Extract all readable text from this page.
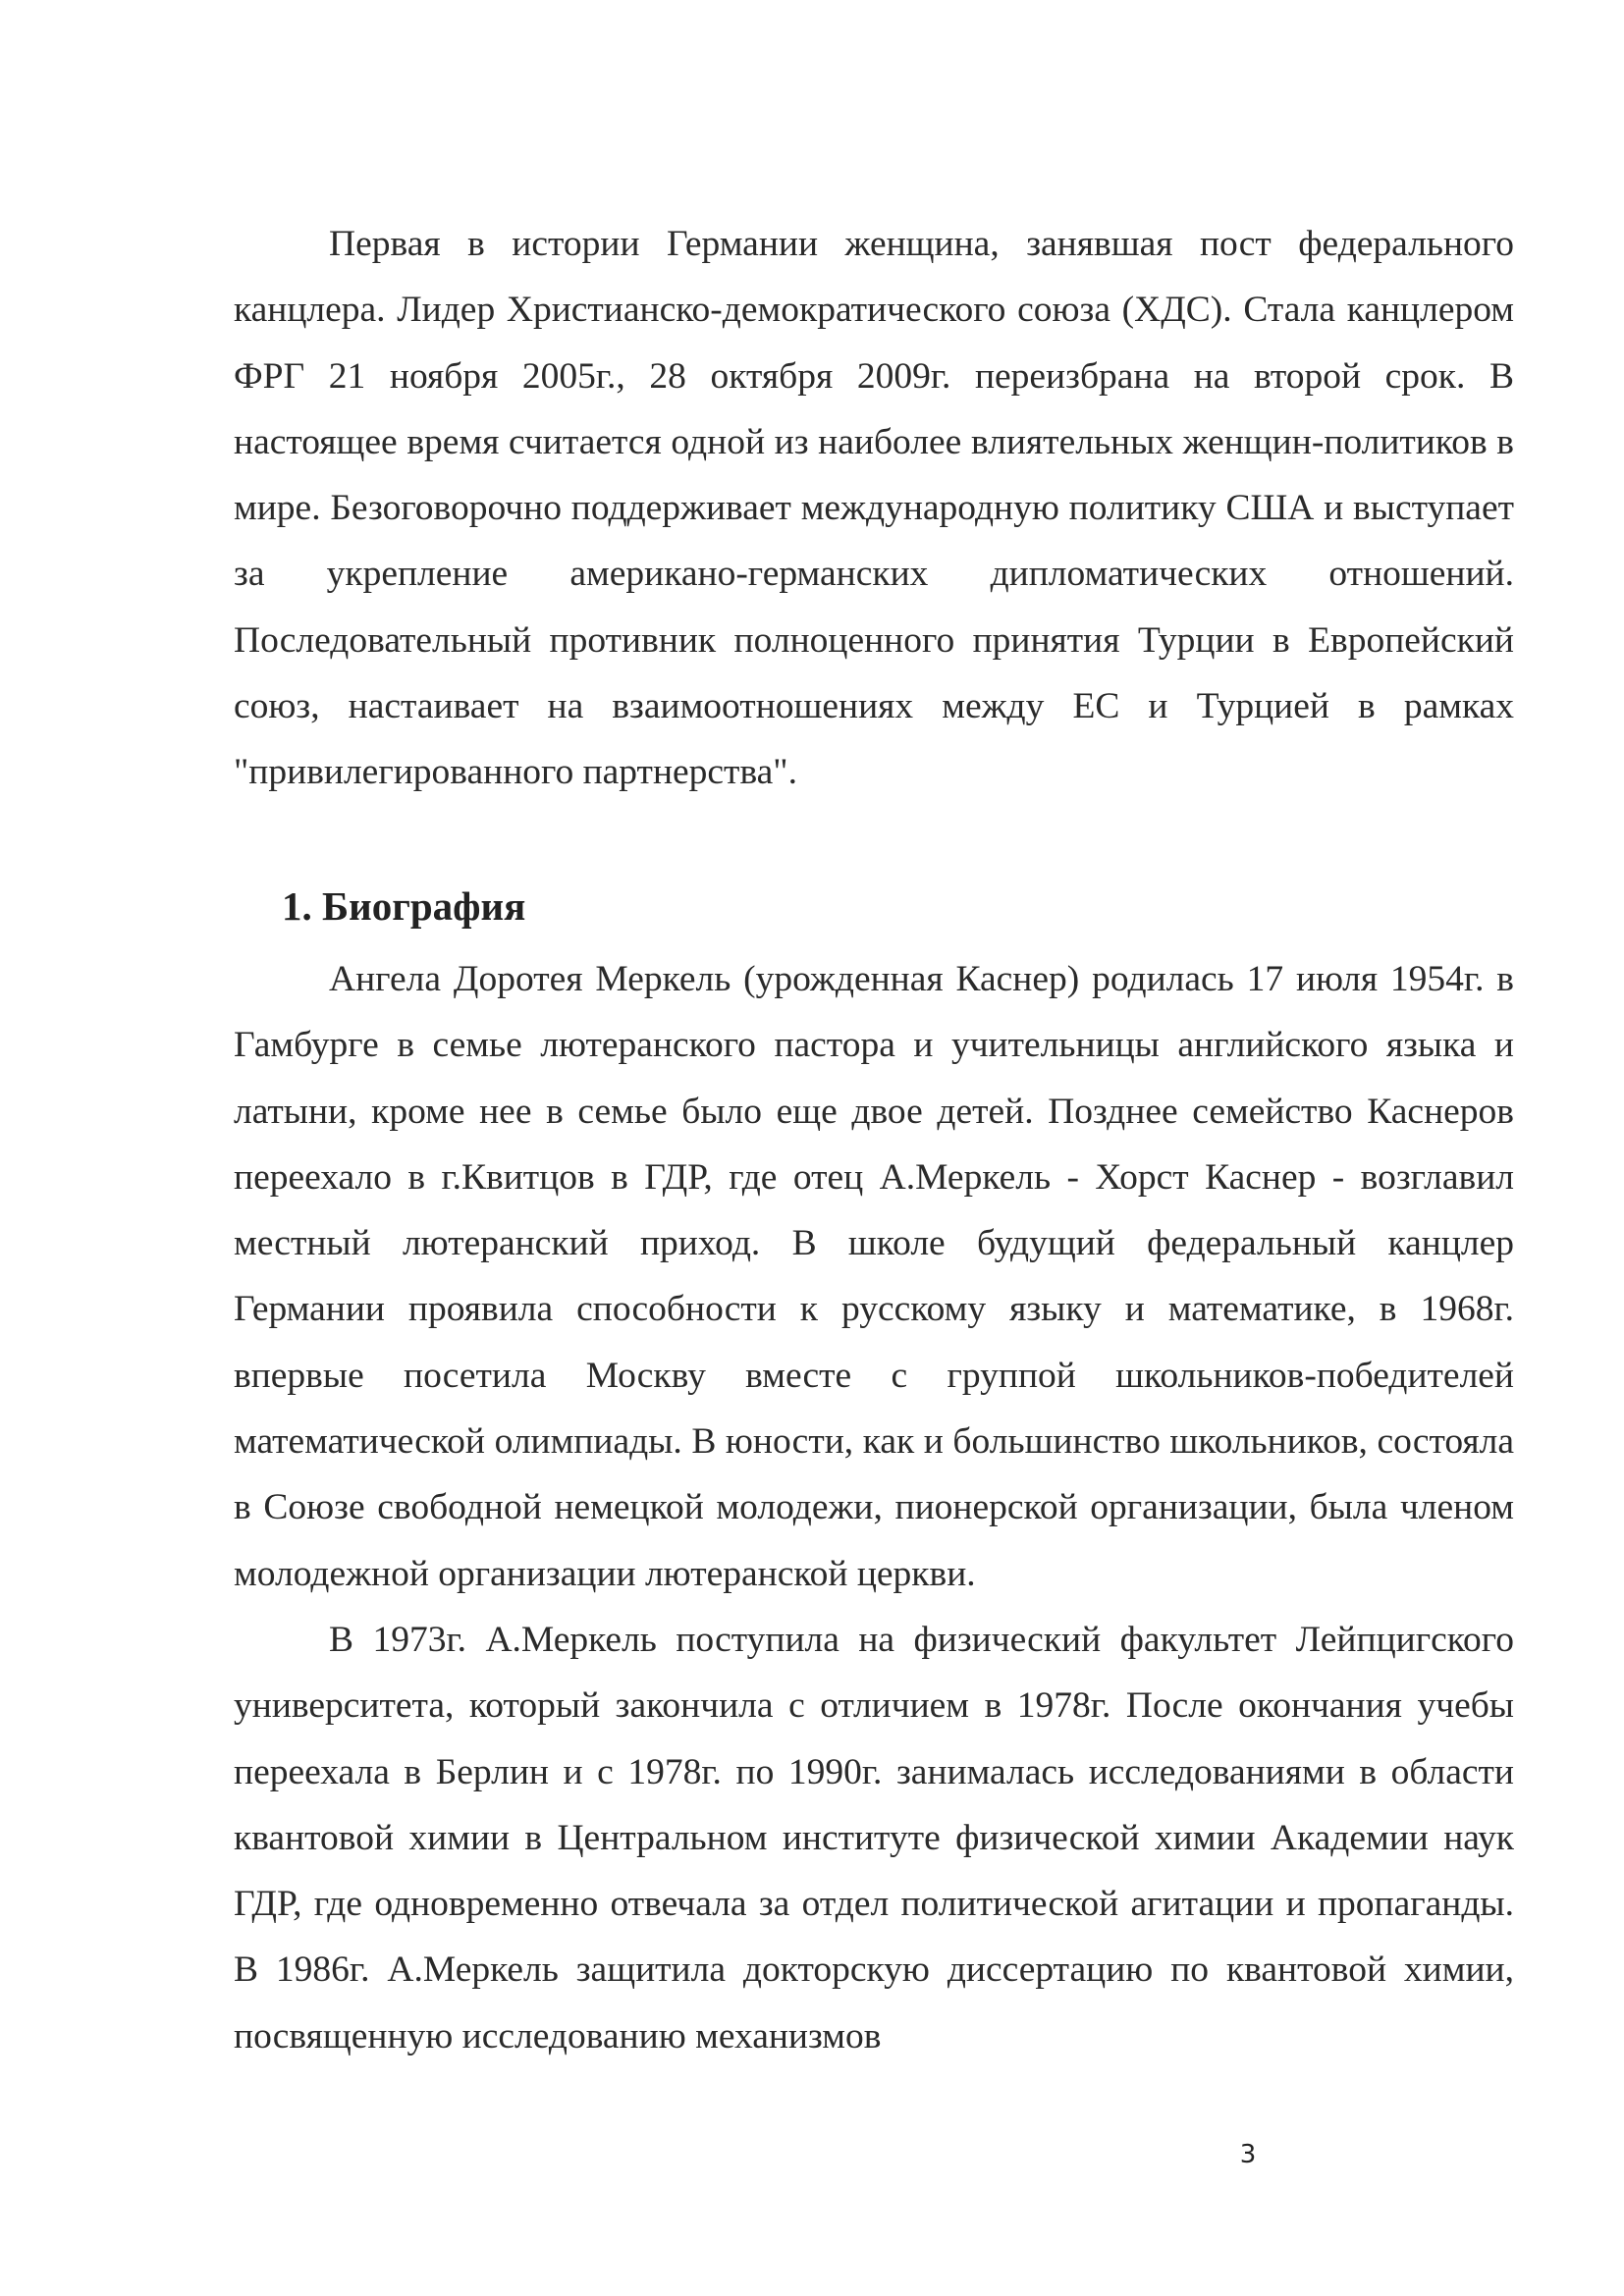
Первая в истории Германии женщина, занявшая пост федерального канцлера. Лидер Христианско-демократического союза (ХДС). Стала канцлером ФРГ 21 ноября 2005г., 28 октября 2009г. переизбрана на второй срок. В настоящее время считается одной из наиболее влиятельных женщин-политиков в мире. Безоговорочно поддерживает международную политику США и выступает за укрепление американо-германских дипломатических отношений. Последовательный противник полноценного принятия Турции в Европейский союз, настаивает на взаимоотношениях между ЕС и Турцией в рамках "привилегированного партнерства".

1. Биография

Ангела Доротея Меркель (урожденная Каснер) родилась 17 июля 1954г. в Гамбурге в семье лютеранского пастора и учительницы английского языка и латыни, кроме нее в семье было еще двое детей. Позднее семейство Каснеров переехало в г.Квитцов в ГДР, где отец А.Меркель - Хорст Каснер - возглавил местный лютеранский приход. В школе будущий федеральный канцлер Германии проявила способности к русскому языку и математике, в 1968г. впервые посетила Москву вместе с группой школьников-победителей математической олимпиады. В юности, как и большинство школьников, состояла в Союзе свободной немецкой молодежи, пионерской организации, была членом молодежной организации лютеранской церкви.

В 1973г. А.Меркель поступила на физический факультет Лейпцигского университета, который закончила с отличием в 1978г. После окончания учебы переехала в Берлин и с 1978г. по 1990г. занималась исследованиями в области квантовой химии в Центральном институте физической химии Академии наук ГДР, где одновременно отвечала за отдел политической агитации и пропаганды. В 1986г. А.Меркель защитила докторскую диссертацию по квантовой химии, посвященную исследованию механизмов

3
